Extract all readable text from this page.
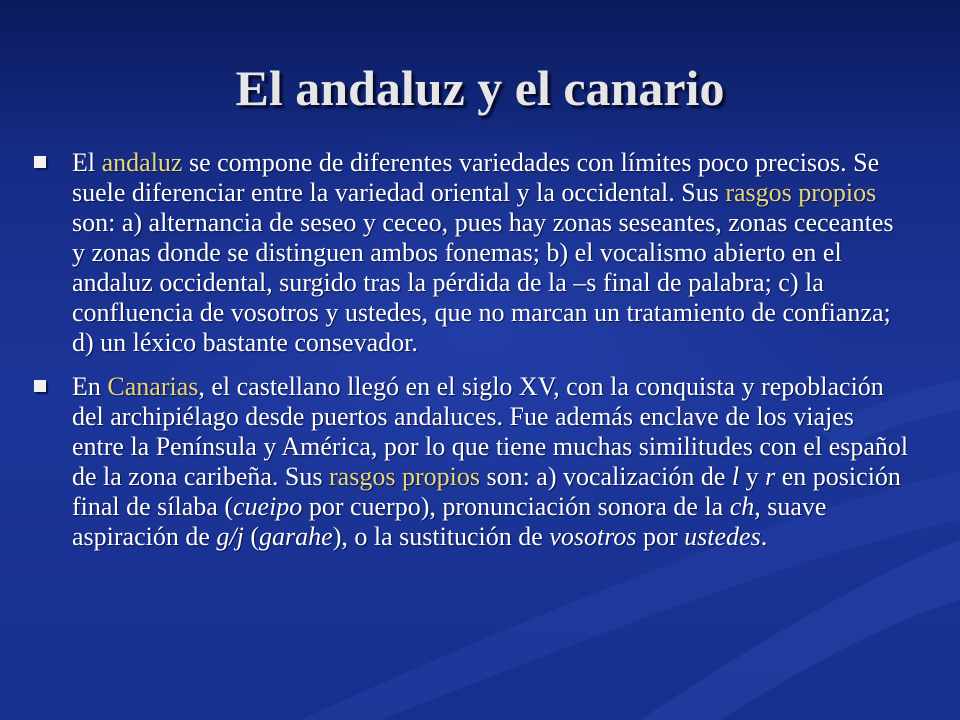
El andaluz y el canario
El andaluz se compone de diferentes variedades con límites poco precisos. Se suele diferenciar entre la variedad oriental y la occidental. Sus rasgos propios son: a) alternancia de seseo y ceceo, pues hay zonas seseantes, zonas ceceantes y zonas donde se distinguen ambos fonemas; b) el vocalismo abierto en el andaluz occidental, surgido tras la pérdida de la –s final de palabra; c) la confluencia de vosotros y ustedes, que no marcan un tratamiento de confianza; d) un léxico bastante consevador.
En Canarias, el castellano llegó en el siglo XV, con la conquista y repoblación del archipiélago desde puertos andaluces. Fue además enclave de los viajes entre la Península y América, por lo que tiene muchas similitudes con el español de la zona caribeña. Sus rasgos propios son: a) vocalización de l y r en posición final de sílaba (cueipo por cuerpo), pronunciación sonora de la ch, suave aspiración de g/j (garahe), o la sustitución de vosotros por ustedes.
